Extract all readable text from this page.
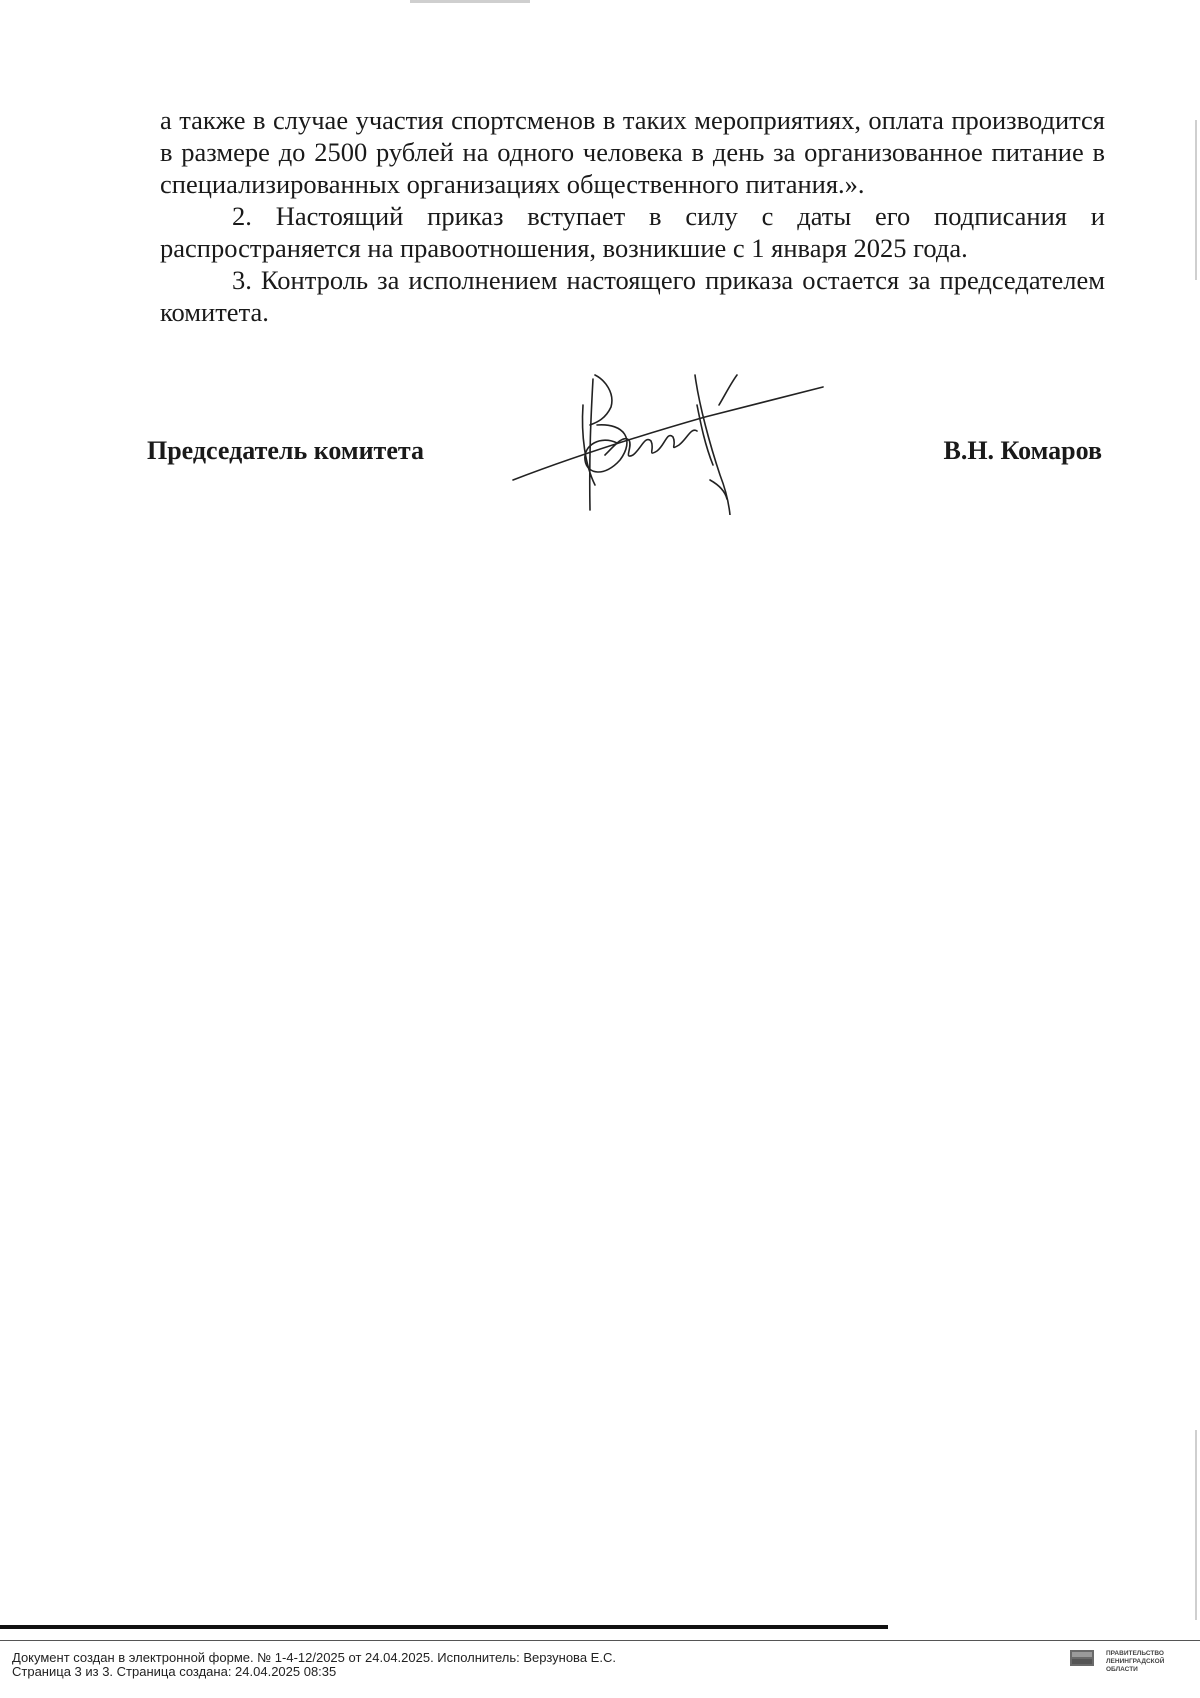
а также в случае участия спортсменов в таких мероприятиях, оплата производится в размере до 2500 рублей на одного человека в день за организованное питание в специализированных организациях общественного питания.».

2. Настоящий приказ вступает в силу с даты его подписания и распространяется на правоотношения, возникшие с 1 января 2025 года.

3. Контроль за исполнением настоящего приказа остается за председателем комитета.

Председатель комитета	В.Н. Комаров
Документ создан в электронной форме. № 1-4-12/2025 от 24.04.2025. Исполнитель: Верзунова Е.С.
Страница 3 из 3. Страница создана: 24.04.2025 08:35
ПРАВИТЕЛЬСТВО
ЛЕНИНГРАДСКОЙ
ОБЛАСТИ
